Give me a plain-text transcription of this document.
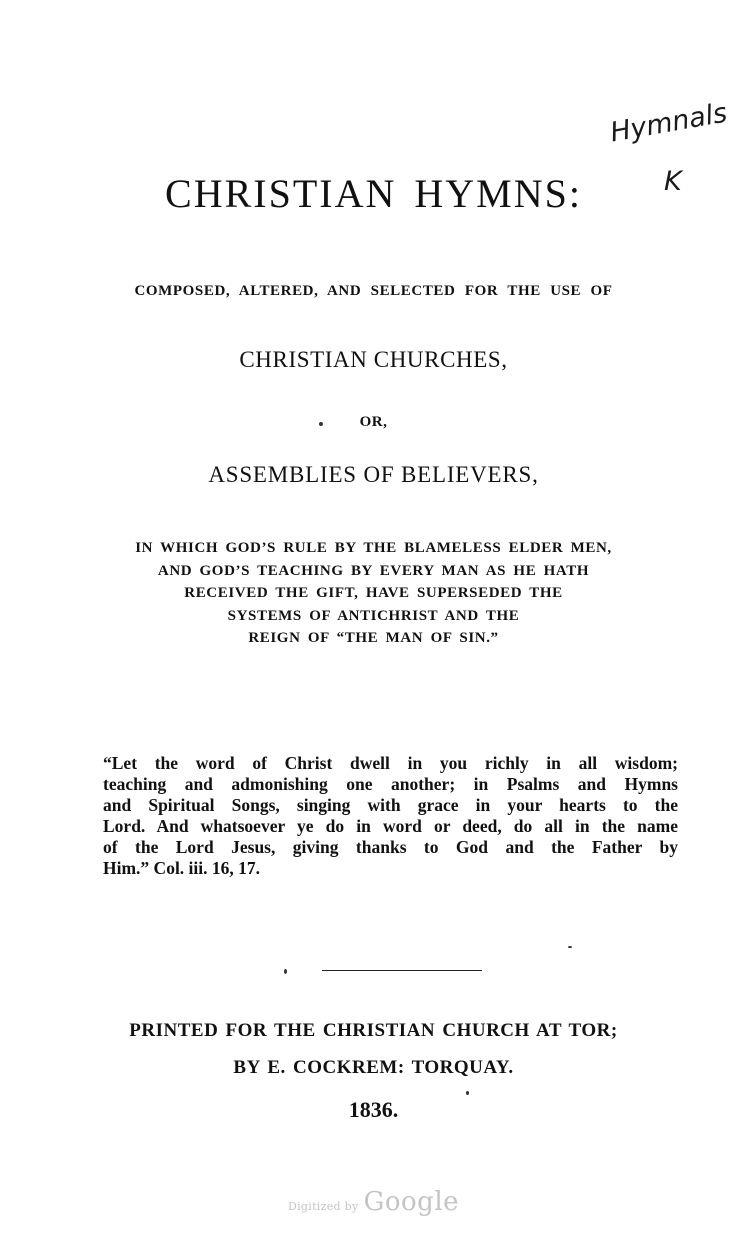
CHRISTIAN HYMNS:
Hymnals
K
COMPOSED, ALTERED, AND SELECTED FOR THE USE OF
CHRISTIAN CHURCHES,
OR,
ASSEMBLIES OF BELIEVERS,
IN WHICH GOD’S RULE BY THE BLAMELESS ELDER MEN,
AND GOD’S TEACHING BY EVERY MAN AS HE HATH
RECEIVED THE GIFT, HAVE SUPERSEDED THE
SYSTEMS OF ANTICHRIST AND THE
REIGN OF “THE MAN OF SIN.”
“Let the word of Christ dwell in you richly in all wisdom;
teaching and admonishing one another; in Psalms and Hymns
and Spiritual Songs, singing with grace in your hearts to the
Lord. And whatsoever ye do in word or deed, do all in the name
of the Lord Jesus, giving thanks to God and the Father by
Him.” Col. iii. 16, 17.
PRINTED FOR THE CHRISTIAN CHURCH AT TOR;
BY E. COCKREM: TORQUAY.
1836.
Digitized by Google
